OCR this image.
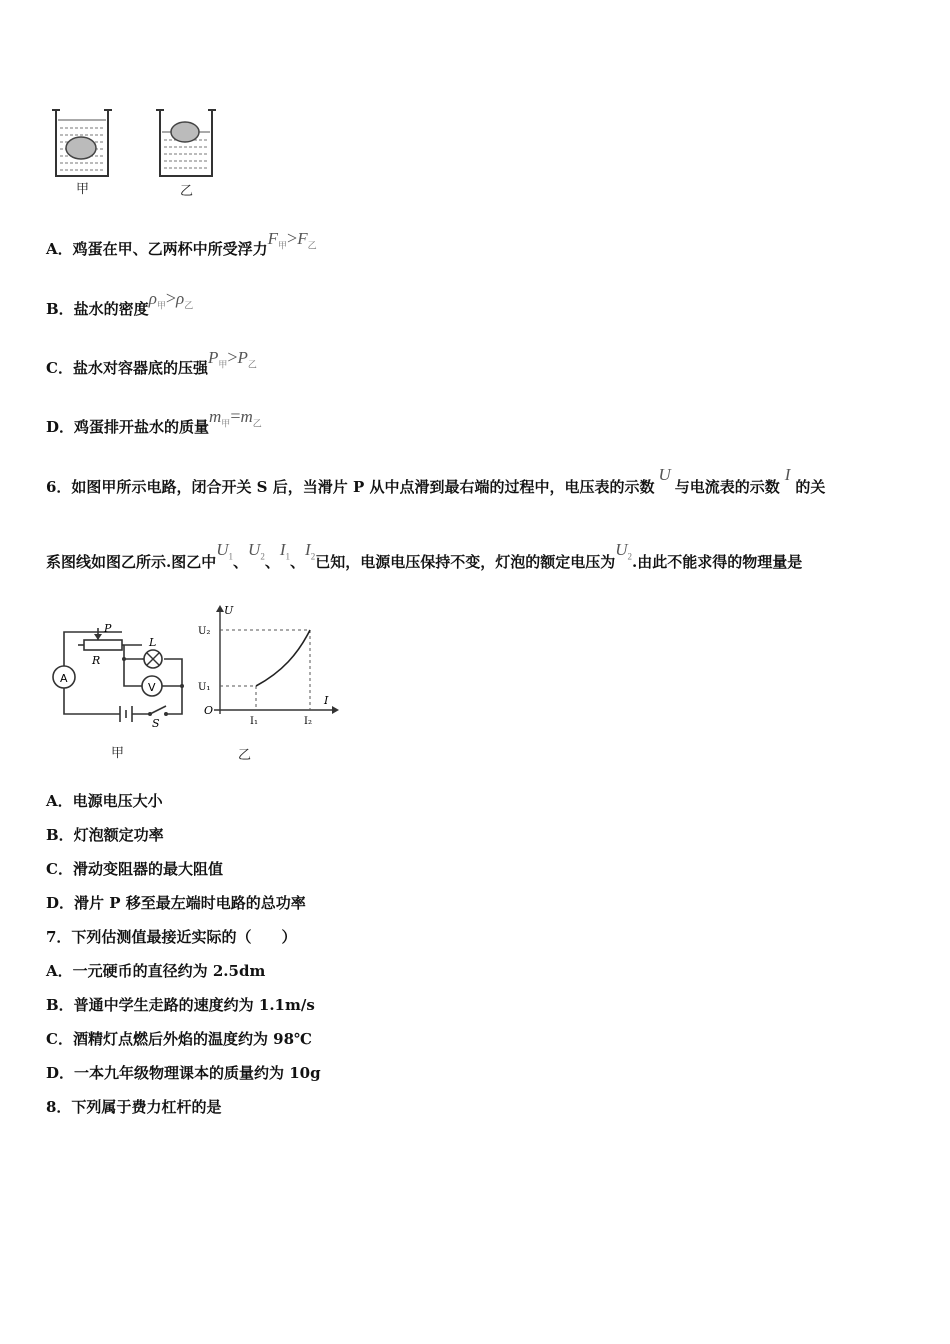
甲	乙
A．鸡蛋在甲、乙两杯中所受浮力$F_甲>F_乙$
B．盐水的密度$\rho_甲>\rho_乙$
C．盐水对容器底的压强$P_甲>P_乙$
D．鸡蛋排开盐水的质量$m_甲=m_乙$
6．如图甲所示电路，闭合开关 S 后，当滑片 P 从中点滑到最右端的过程中，电压表的示数U与电流表的示数I的关
系图线如图乙所示.图乙中$U_1$、$U_2$、$I_1$、$I_2$已知，电源电压保持不变，灯泡的额定电压为$U_2$.由此不能求得的物理量是
A
V
L
P
R
S
U
I
O
U₂
U₁
I₁	I₂
甲	乙
A．电源电压大小
B．灯泡额定功率
C．滑动变阻器的最大阻值
D．滑片 P 移至最左端时电路的总功率
7．下列估测值最接近实际的（　　）
A．一元硬币的直径约为 2.5dm
B．普通中学生走路的速度约为 1.1m/s
C．酒精灯点燃后外焰的温度约为 98℃
D．一本九年级物理课本的质量约为 10g
8．下列属于费力杠杆的是
